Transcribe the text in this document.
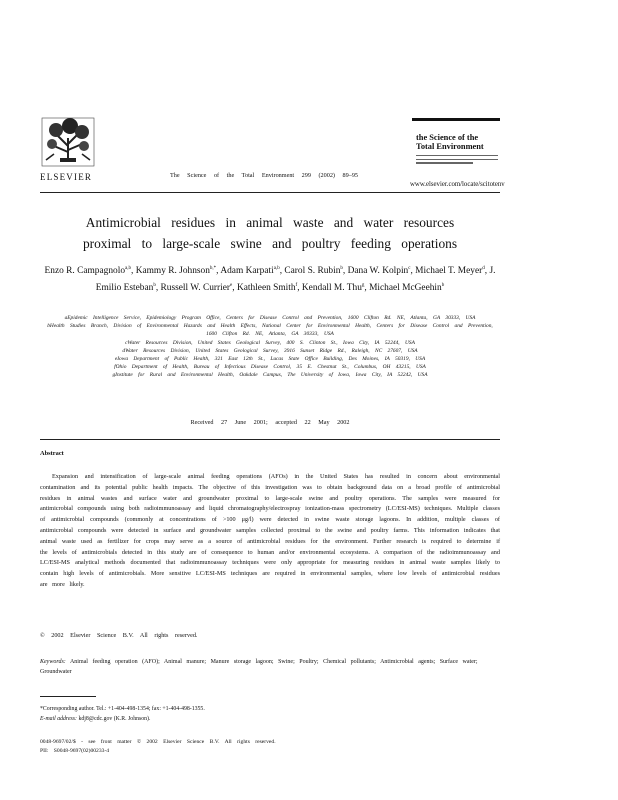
ELSEVIER	The Science of the Total Environment 299 (2002) 89–95
the Science of the
Total Environment
www.elsevier.com/locate/scitotenv
Antimicrobial residues in animal waste and water resources
proximal to large-scale swine and poultry feeding operations
Enzo R. Campagnolo$^{a,b}$, Kammy R. Johnson$^{b,*}$, Adam Karpati$^{a,b}$, Carol S. Rubin$^b$, Dana W. Kolpin$^c$, Michael T. Meyer$^d$, J. Emilio Esteban$^b$, Russell W. Currier$^e$, Kathleen Smith$^f$, Kendall M. Thu$^g$, Michael McGeehin$^b$
aEpidemic Intelligence Service, Epidemiology Program Office, Centers for Disease Control and Prevention, 1600 Clifton Rd. NE, Atlanta, GA 30333, USA
bHealth Studies Branch, Division of Environmental Hazards and Health Effects, National Center for Environmental Health, Centers for Disease Control and Prevention, 1600 Clifton Rd. NE, Atlanta, GA 30333, USA
cWater Resources Division, United States Geological Survey, 400 S. Clinton St., Iowa City, IA 52244, USA
dWater Resources Division, United States Geological Survey, 3916 Sunset Ridge Rd., Raleigh, NC 27607, USA
eIowa Department of Public Health, 321 East 12th St., Lucas State Office Building, Des Moines, IA 50319, USA
fOhio Department of Health, Bureau of Infectious Disease Control, 35 E. Chestnut St., Columbus, OH 43215, USA
gInstitute for Rural and Environmental Health, Oakdale Campus, The University of Iowa, Iowa City, IA 52242, USA
Received 27 June 2001; accepted 22 May 2002
Abstract
Expansion and intensification of large-scale animal feeding operations (AFOs) in the United States has resulted in concern about environmental contamination and its potential public health impacts. The objective of this investigation was to obtain background data on a broad profile of antimicrobial residues in animal wastes and surface water and groundwater proximal to large-scale swine and poultry operations. The samples were measured for antimicrobial compounds using both radioimmunoassay and liquid chromatography/electrospray ionization-mass spectrometry (LC/ESI-MS) techniques. Multiple classes of antimicrobial compounds (commonly at concentrations of >100 μg/l) were detected in swine waste storage lagoons. In addition, multiple classes of antimicrobial compounds were detected in surface and groundwater samples collected proximal to the swine and poultry farms. This information indicates that animal waste used as fertilizer for crops may serve as a source of antimicrobial residues for the environment. Further research is required to determine if the levels of antimicrobials detected in this study are of consequence to human and/or environmental ecosystems. A comparison of the radioimmunoassay and LC/ESI-MS analytical methods documented that radioimmunoassay techniques were only appropriate for measuring residues in animal waste samples likely to contain high levels of antimicrobials. More sensitive LC/ESI-MS techniques are required in environmental samples, where low levels of antimicrobial residues are more likely.
© 2002 Elsevier Science B.V. All rights reserved.
Keywords: Animal feeding operation (AFO); Animal manure; Manure storage lagoon; Swine; Poultry; Chemical pollutants; Antimicrobial agents; Surface water; Groundwater
*Corresponding author. Tel.: +1-404-498-1354; fax: +1-404-498-1355.
E-mail address: kdj8@cdc.gov (K.R. Johnson).
0048-9697/02/$ - see front matter © 2002 Elsevier Science B.V. All rights reserved.
PII: S0048-9697(02)00233-4
